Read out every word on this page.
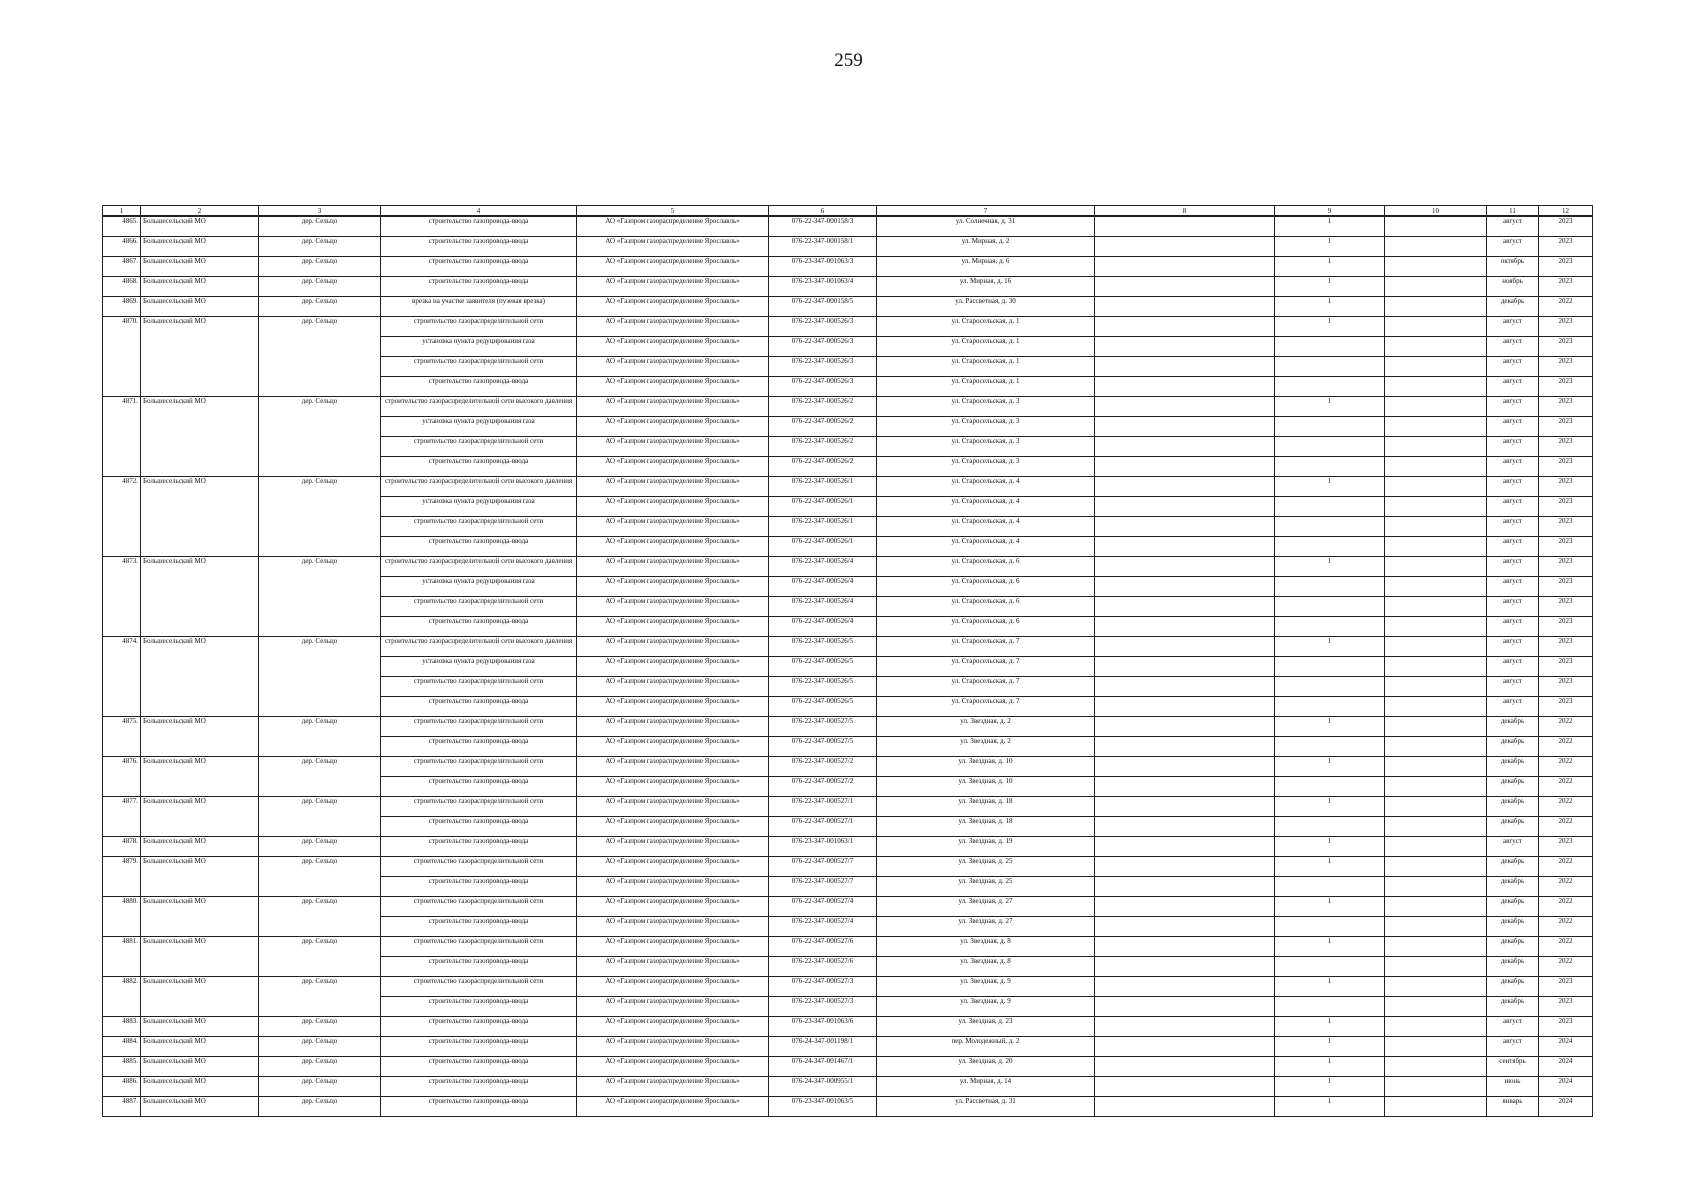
259
1	2	3	4	5	6	7	8	9	10	11	12
4865.	Большесельский МО	дер. Сельцо	строительство газопровода-ввода	АО «Газпром газораспределение Ярославль»	076-22-347-000158/3	ул. Солнечная, д. 31		1		август	2023
4866.	Большесельский МО	дер. Сельцо	строительство газопровода-ввода	АО «Газпром газораспределение Ярославль»	076-22-347-000158/1	ул. Мирная, д. 2		1		август	2023
4867.	Большесельский МО	дер. Сельцо	строительство газопровода-ввода	АО «Газпром газораспределение Ярославль»	076-23-347-001063/3	ул. Мирная, д. 6		1		октябрь	2023
4868.	Большесельский МО	дер. Сельцо	строительство газопровода-ввода	АО «Газпром газораспределение Ярославль»	076-23-347-001063/4	ул. Мирная, д. 16		1		ноябрь	2023
4869.	Большесельский МО	дер. Сельцо	врезка на участке заявителя (пузевая врезка)	АО «Газпром газораспределение Ярославль»	076-22-347-000158/5	ул. Рассветная, д. 30		1		декабрь	2022
4870.	Большесельский МО	дер. Сельцо	строительство газораспределительной сети	АО «Газпром газораспределение Ярославль»	076-22-347-000526/3	ул. Старосельская, д. 1		1		август	2023
			установка пункта редуцирования газа	АО «Газпром газораспределение Ярославль»	076-22-347-000526/3	ул. Старосельская, д. 1				август	2023
			строительство газораспределительной сети	АО «Газпром газораспределение Ярославль»	076-22-347-000526/3	ул. Старосельская, д. 1				август	2023
			строительство газопровода-ввода	АО «Газпром газораспределение Ярославль»	076-22-347-000526/3	ул. Старосельская, д. 1				август	2023
4871.	Большесельский МО	дер. Сельцо	строительство газораспределительной сети высокого давления	АО «Газпром газораспределение Ярославль»	076-22-347-000526/2	ул. Старосельская, д. 3		1		август	2023
			установка пункта редуцирования газа	АО «Газпром газораспределение Ярославль»	076-22-347-000526/2	ул. Старосельская, д. 3				август	2023
			строительство газораспределительной сети	АО «Газпром газораспределение Ярославль»	076-22-347-000526/2	ул. Старосельская, д. 3				август	2023
			строительство газопровода-ввода	АО «Газпром газораспределение Ярославль»	076-22-347-000526/2	ул. Старосельская, д. 3				август	2023
4872.	Большесельский МО	дер. Сельцо	строительство газораспределительной сети высокого давления	АО «Газпром газораспределение Ярославль»	076-22-347-000526/1	ул. Старосельская, д. 4		1		август	2023
			установка пункта редуцирования газа	АО «Газпром газораспределение Ярославль»	076-22-347-000526/1	ул. Старосельская, д. 4				август	2023
			строительство газораспределительной сети	АО «Газпром газораспределение Ярославль»	076-22-347-000526/1	ул. Старосельская, д. 4				август	2023
			строительство газопровода-ввода	АО «Газпром газораспределение Ярославль»	076-22-347-000526/1	ул. Старосельская, д. 4				август	2023
4873.	Большесельский МО	дер. Сельцо	строительство газораспределительной сети высокого давления	АО «Газпром газораспределение Ярославль»	076-22-347-000526/4	ул. Старосельская, д. 6		1		август	2023
			установка пункта редуцирования газа	АО «Газпром газораспределение Ярославль»	076-22-347-000526/4	ул. Старосельская, д. 6				август	2023
			строительство газораспределительной сети	АО «Газпром газораспределение Ярославль»	076-22-347-000526/4	ул. Старосельская, д. 6				август	2023
			строительство газопровода-ввода	АО «Газпром газораспределение Ярославль»	076-22-347-000526/4	ул. Старосельская, д. 6				август	2023
4874.	Большесельский МО	дер. Сельцо	строительство газораспределительной сети высокого давления	АО «Газпром газораспределение Ярославль»	076-22-347-000526/5	ул. Старосельская, д. 7		1		август	2023
			установка пункта редуцирования газа	АО «Газпром газораспределение Ярославль»	076-22-347-000526/5	ул. Старосельская, д. 7				август	2023
			строительство газораспределительной сети	АО «Газпром газораспределение Ярославль»	076-22-347-000526/5	ул. Старосельская, д. 7				август	2023
			строительство газопровода-ввода	АО «Газпром газораспределение Ярославль»	076-22-347-000526/5	ул. Старосельская, д. 7				август	2023
4875.	Большесельский МО	дер. Сельцо	строительство газораспределительной сети	АО «Газпром газораспределение Ярославль»	076-22-347-000527/5	ул. Звездная, д. 2		1		декабрь	2022
			строительство газопровода-ввода	АО «Газпром газораспределение Ярославль»	076-22-347-000527/5	ул. Звездная, д. 2				декабрь	2022
4876.	Большесельский МО	дер. Сельцо	строительство газораспределительной сети	АО «Газпром газораспределение Ярославль»	076-22-347-000527/2	ул. Звездная, д. 10		1		декабрь	2022
			строительство газопровода-ввода	АО «Газпром газораспределение Ярославль»	076-22-347-000527/2	ул. Звездная, д. 10				декабрь	2022
4877.	Большесельский МО	дер. Сельцо	строительство газораспределительной сети	АО «Газпром газораспределение Ярославль»	076-22-347-000527/1	ул. Звездная, д. 18		1		декабрь	2022
			строительство газопровода-ввода	АО «Газпром газораспределение Ярославль»	076-22-347-000527/1	ул. Звездная, д. 18				декабрь	2022
4878.	Большесельский МО	дер. Сельцо	строительство газопровода-ввода	АО «Газпром газораспределение Ярославль»	076-23-347-001063/1	ул. Звездная, д. 19		1		август	2023
4879.	Большесельский МО	дер. Сельцо	строительство газораспределительной сети	АО «Газпром газораспределение Ярославль»	076-22-347-000527/7	ул. Звездная, д. 25		1		декабрь	2022
			строительство газопровода-ввода	АО «Газпром газораспределение Ярославль»	076-22-347-000527/7	ул. Звездная, д. 25				декабрь	2022
4880.	Большесельский МО	дер. Сельцо	строительство газораспределительной сети	АО «Газпром газораспределение Ярославль»	076-22-347-000527/4	ул. Звездная, д. 27		1		декабрь	2022
			строительство газопровода-ввода	АО «Газпром газораспределение Ярославль»	076-22-347-000527/4	ул. Звездная, д. 27				декабрь	2022
4881.	Большесельский МО	дер. Сельцо	строительство газораспределительной сети	АО «Газпром газораспределение Ярославль»	076-22-347-000527/6	ул. Звездная, д. 8		1		декабрь	2022
			строительство газопровода-ввода	АО «Газпром газораспределение Ярославль»	076-22-347-000527/6	ул. Звездная, д. 8				декабрь	2022
4882.	Большесельский МО	дер. Сельцо	строительство газораспределительной сети	АО «Газпром газораспределение Ярославль»	076-22-347-000527/3	ул. Звездная, д. 9		1		декабрь	2023
			строительство газопровода-ввода	АО «Газпром газораспределение Ярославль»	076-22-347-000527/3	ул. Звездная, д. 9				декабрь	2023
4883.	Большесельский МО	дер. Сельцо	строительство газопровода-ввода	АО «Газпром газораспределение Ярославль»	076-23-347-001063/6	ул. Звездная, д. 23		1		август	2023
4884.	Большесельский МО	дер. Сельцо	строительство газопровода-ввода	АО «Газпром газораспределение Ярославль»	076-24-347-001198/1	пер. Молодежный, д. 2		1		август	2024
4885.	Большесельский МО	дер. Сельцо	строительство газопровода-ввода	АО «Газпром газораспределение Ярославль»	076-24-347-001467/1	ул. Звездная, д. 20		1		сентябрь	2024
4886.	Большесельский МО	дер. Сельцо	строительство газопровода-ввода	АО «Газпром газораспределение Ярославль»	076-24-347-000955/1	ул. Мирная, д. 14		1		июнь	2024
4887.	Большесельский МО	дер. Сельцо	строительство газопровода-ввода	АО «Газпром газораспределение Ярославль»	076-23-347-001063/5	ул. Рассветная, д. 31		1		январь	2024
